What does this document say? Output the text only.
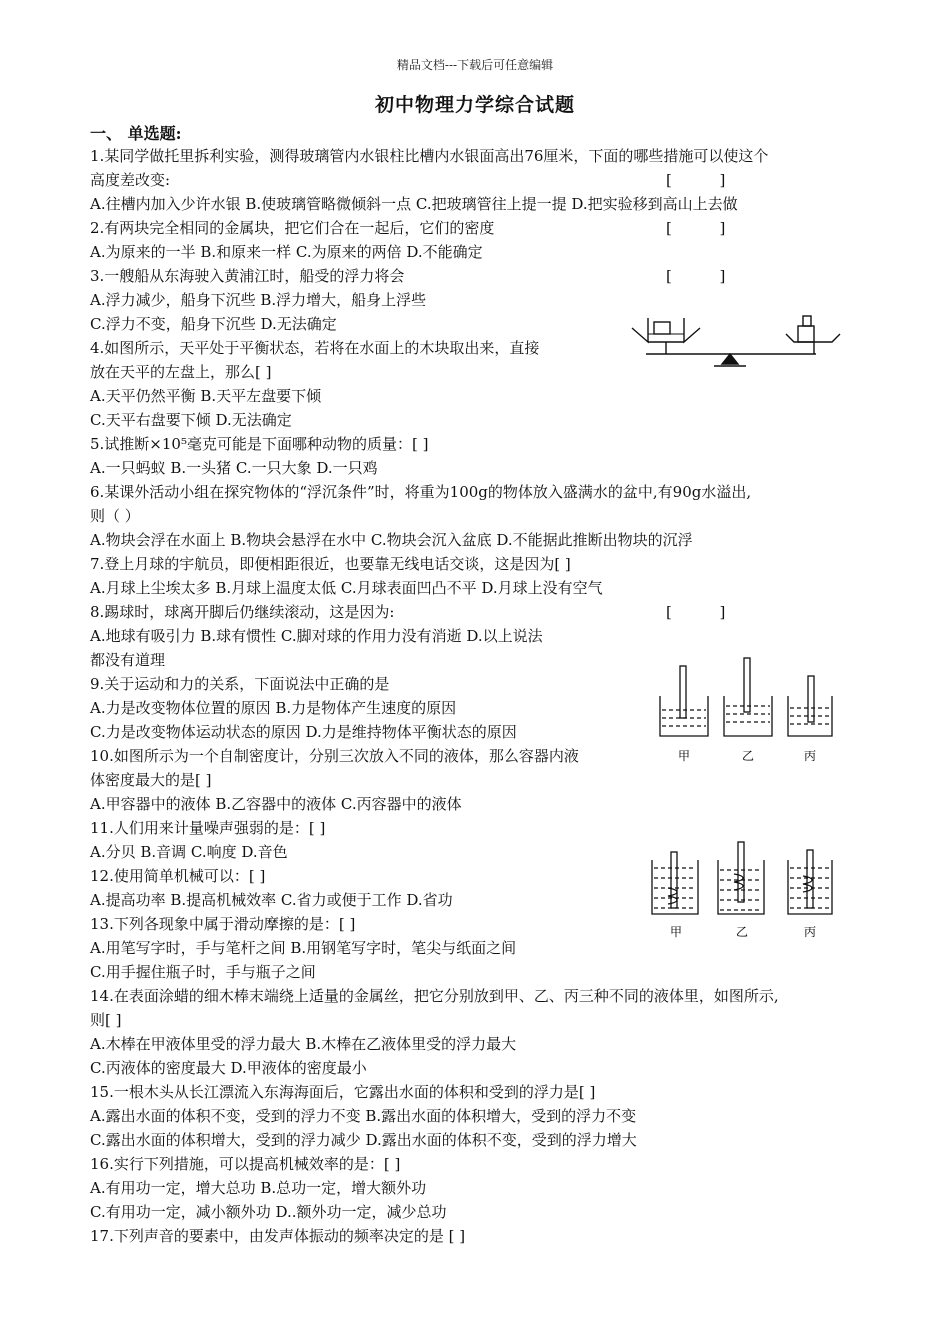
精品文档---下载后可任意编辑
初中物理力学综合试题
一、 单选题:
1.某同学做托里拆利实验，测得玻璃管内水银柱比槽内水银面高出76厘米，下面的哪些措施可以使这个
高度差改变:
A.往槽内加入少许水银 B.使玻璃管略微倾斜一点 C.把玻璃管往上提一提 D.把实验移到高山上去做
2.有两块完全相同的金属块，把它们合在一起后，它们的密度
A.为原来的一半 B.和原来一样 C.为原来的两倍 D.不能确定
3.一艘船从东海驶入黄浦江时，船受的浮力将会
A.浮力减少，船身下沉些 B.浮力增大，船身上浮些
C.浮力不变，船身下沉些 D.无法确定
4.如图所示，天平处于平衡状态，若将在水面上的木块取出来，直接
放在天平的左盘上，那么[ ]
A.天平仍然平衡 B.天平左盘要下倾
C.天平右盘要下倾 D.无法确定
5.试推断×10⁵毫克可能是下面哪种动物的质量：[ ]
A.一只蚂蚁 B.一头猪 C.一只大象 D.一只鸡
6.某课外活动小组在探究物体的“浮沉条件”时，将重为100g的物体放入盛满水的盆中,有90g水溢出,
则（ ）
A.物块会浮在水面上 B.物块会悬浮在水中 C.物块会沉入盆底 D.不能据此推断出物块的沉浮
7.登上月球的宇航员，即便相距很近，也要靠无线电话交谈，这是因为[ ]
A.月球上尘埃太多 B.月球上温度太低 C.月球表面凹凸不平 D.月球上没有空气
8.踢球时，球离开脚后仍继续滚动，这是因为:
A.地球有吸引力 B.球有惯性 C.脚对球的作用力没有消逝 D.以上说法
都没有道理
9.关于运动和力的关系，下面说法中正确的是
A.力是改变物体位置的原因 B.力是物体产生速度的原因
C.力是改变物体运动状态的原因 D.力是维持物体平衡状态的原因
10.如图所示为一个自制密度计，分别三次放入不同的液体，那么容器内液
体密度最大的是[ ]
A.甲容器中的液体 B.乙容器中的液体 C.丙容器中的液体
11.人们用来计量噪声强弱的是：[ ]
A.分贝 B.音调 C.响度 D.音色
12.使用简单机械可以：[ ]
A.提高功率 B.提高机械效率 C.省力或便于工作 D.省功
13.下列各现象中属于滑动摩擦的是：[ ]
A.用笔写字时，手与笔杆之间 B.用钢笔写字时，笔尖与纸面之间
C.用手握住瓶子时，手与瓶子之间
14.在表面涂蜡的细木棒末端绕上适量的金属丝，把它分别放到甲、乙、丙三种不同的液体里，如图所示,
则[ ]
A.木棒在甲液体里受的浮力最大 B.木棒在乙液体里受的浮力最大
C.丙液体的密度最大 D.甲液体的密度最小
15.一根木头从长江漂流入东海海面后，它露出水面的体积和受到的浮力是[ ]
A.露出水面的体积不变，受到的浮力不变 B.露出水面的体积增大，受到的浮力不变
C.露出水面的体积增大，受到的浮力减少 D.露出水面的体积不变，受到的浮力增大
16.实行下列措施，可以提高机械效率的是：[ ]
A.有用功一定，增大总功 B.总功一定，增大额外功
C.有用功一定，减小额外功 D..额外功一定，减少总功
17.下列声音的要素中，由发声体振动的频率决定的是 [ ]
[          ]
[          ]
[          ]
[          ]
甲	乙	丙
甲	乙	丙
